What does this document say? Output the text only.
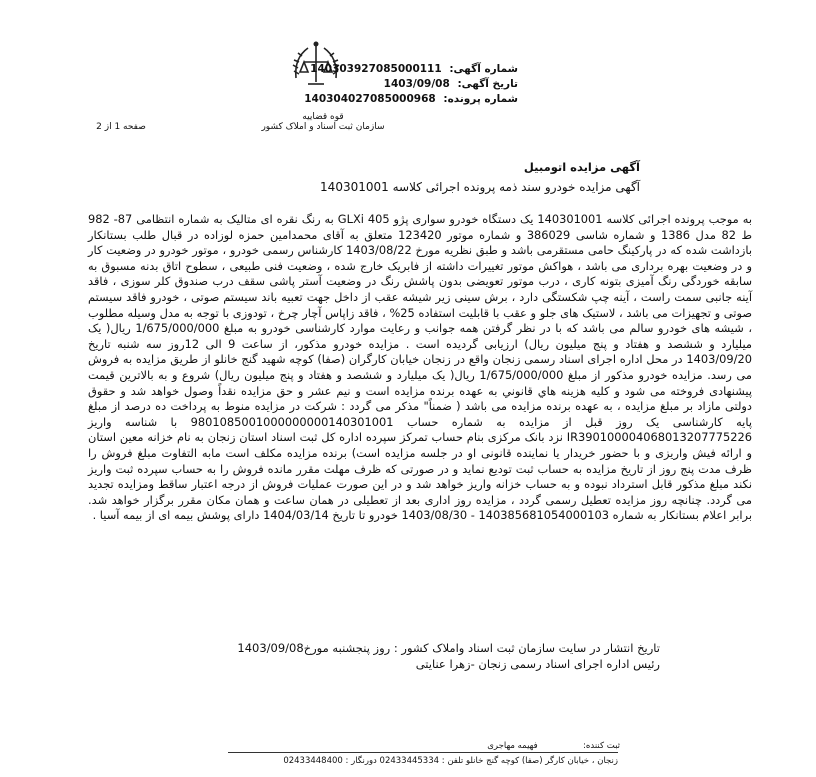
قوه قضاییه
سازمان ثبت اسناد و املاک کشور
صفحه 1 از 2
شماره آگهی: 140303927085000111
تاریخ آگهی: 1403/09/08
شماره پرونده: 140304027085000968
آگهی مزایده اتومبیل
آگهی مزایده خودرو سند ذمه پرونده اجرائی کلاسه 140301001
به موجب پرونده اجرائی کلاسه 140301001 یک دستگاه خودرو سواری پژو 405 GLXi به رنگ نقره ای متالیک به شماره انتظامی 87- 982 ط 82 مدل 1386 و شماره شاسی 386029 و شماره موتور 123420 متعلق به آقای محمدامین حمزه لوزاده در قبال طلب بستانکار بازداشت شده که در پارکینگ حامی مستقرمی باشد و طبق نظریه مورخ 1403/08/22 کارشناس رسمی خودرو ، موتور خودرو در وضعیت کار و در وضعیت بهره برداری می باشد ، هواکش موتور تغییرات داشته از فابریک خارج شده ، وضعیت فنی طبیعی ، سطوح اتاق بدنه مسبوق به سابقه خوردگی رنگ آمیزی بتونه کاری ، درب موتور تعویضی بدون پاشش رنگ در وضعیت آستر پاشی سقف درب صندوق کلر سوزی ، فاقد آینه جانبی سمت راست ، آینه چپ شکستگی دارد ، برش سینی زیر شیشه عقب از داخل جهت تعبیه باند سیستم صوتی ، خودرو فاقد سیستم صوتی و تجهیزات می باشد ، لاستیک های جلو و عقب با قابلیت استفاده 25% ، فاقد زاپاس آچار چرخ ، تودوزی با توجه به مدل وسیله مطلوب ، شیشه های خودرو سالم می باشد که با در نظر گرفتن همه جوانب و رعایت موارد کارشناسی خودرو به مبلغ 1/675/000/000 ریال( یک میلیارد و ششصد و هفتاد و پنج میلیون ریال) ارزیابی گردیده است . مزایده خودرو مذکور، از ساعت 9 الی 12روز سه شنبه تاریخ 1403/09/20 در محل اداره اجرای اسناد رسمی زنجان واقع در زنجان خیابان کارگران (صفا) کوچه شهید گنج خانلو از طریق مزایده به فروش می رسد. مزایده خودرو مذکور از مبلغ 1/675/000/000 ریال( یک میلیارد و ششصد و هفتاد و پنج میلیون ریال) شروع و به بالاترین قیمت پیشنهادی فروخته می شود و کلیه هزینه هاي قانوني به عهده برنده مزایده است و نیم عشر و حق مزایده نقداً وصول خواهد شد و حقوق دولتی مازاد بر مبلغ مزایده ، به عهده برنده مزایده می باشد ( ضمناً" مذکر می گردد : شرکت در مزایده منوط به پرداخت ده درصد از مبلغ پایه کارشناسی یک روز قبل از مزایده به شماره حساب 9801085001000000000140301001 با شناسه واریز IR390100004068013207775226 نزد بانک مرکزی بنام حساب تمرکز سپرده اداره کل ثبت اسناد استان زنجان به نام خزانه معین استان و ارائه فیش واریزی و با حضور خریدار یا نماینده قانونی او در جلسه مزایده است) برنده مزایده مکلف است مابه التفاوت مبلغ فروش را ظرف مدت پنج روز از تاریخ مزایده به حساب ثبت تودیع نماید و در صورتی که ظرف مهلت مقرر مانده فروش را به حساب سپرده ثبت واریز نکند مبلغ مذکور قابل استرداد نبوده و به حساب خزانه واریز خواهد شد و در این صورت عملیات فروش از درجه اعتبار ساقط ومزایده تجدید می گردد. چنانچه روز مزایده تعطیل رسمی گردد ، مزایده روز اداری بعد از تعطیلی در همان ساعت و همان مکان مقرر برگزار خواهد شد. برابر اعلام بستانکار به شماره 140385681054000103 - 1403/08/30 خودرو تا تاریخ 1404/03/14 دارای پوشش بیمه ای از بیمه آسیا .
تاریخ انتشار در سایت سازمان ثبت اسناد واملاک کشور : روز پنجشنبه مورخ1403/09/08
رئیس اداره اجرای اسناد رسمی زنجان -زهرا عنایتی
ثبت کننده:  فهیمه مهاجری
زنجان ، خیابان کارگر (صفا) کوچه گنج خانلو تلفن : 02433445334 دورنگار : 02433448400
